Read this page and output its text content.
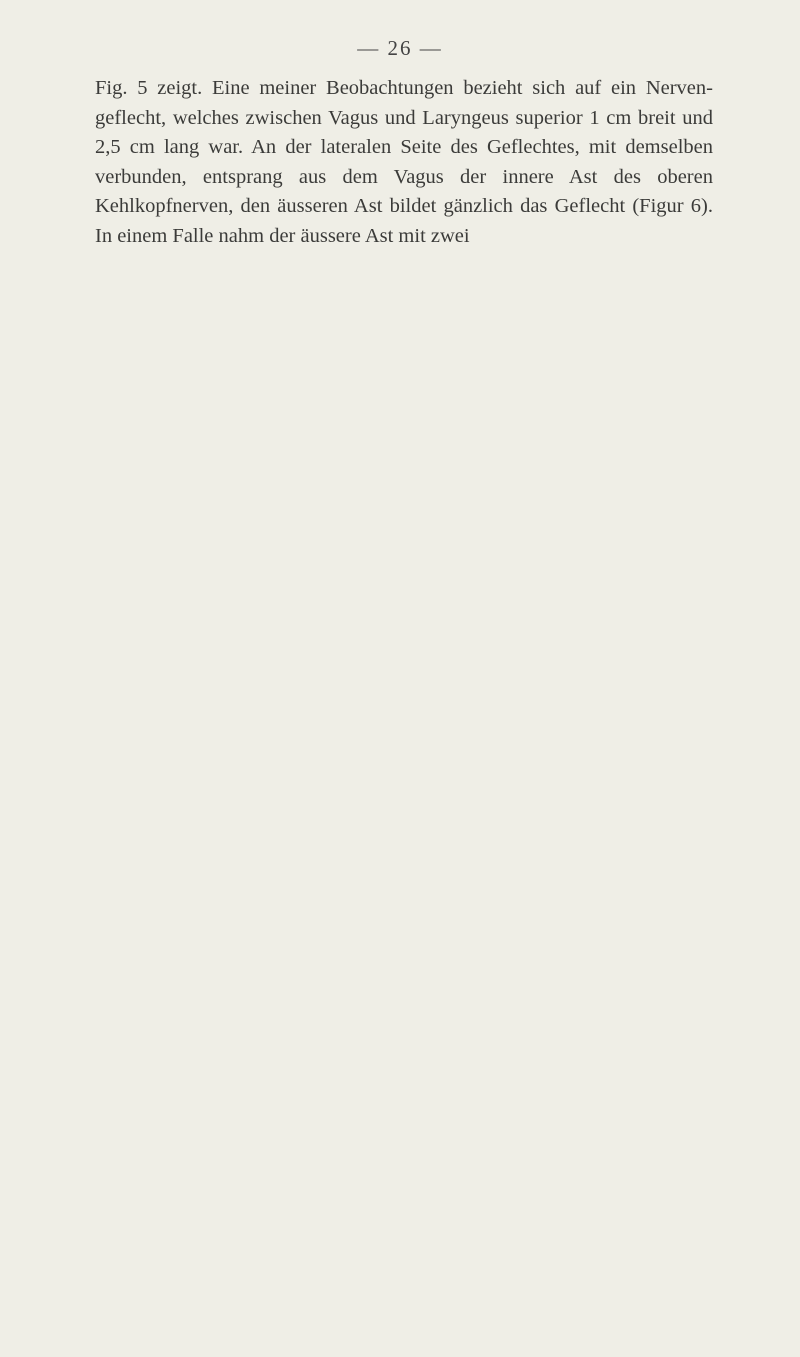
— 26 —
Fig. 5 zeigt. Eine meiner Beobachtungen bezieht sich auf ein Nerven-geflecht, welches zwischen Vagus und Laryngeus superior 1 cm breit und 2,5 cm lang war. An der lateralen Seite des Geflechtes, mit demselben verbunden, entsprang aus dem Vagus der innere Ast des oberen Kehlkopfnerven, den äusseren Ast bildet gänzlich das Geflecht (Figur 6). In einem Falle nahm der äussere Ast mit zwei
